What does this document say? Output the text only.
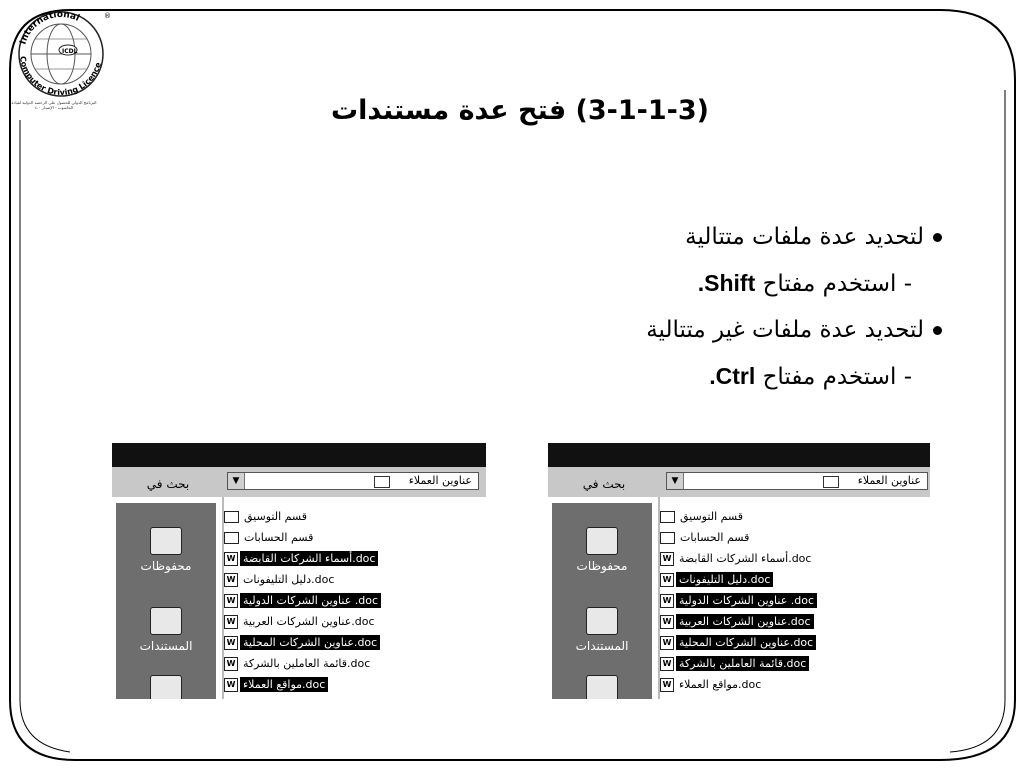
ICDL
International
Computer Driving Licence
®
البرنامج الدولي للحصول على الرخصة الدولية لقيادة الحاسوب - الإصدار ٤.٠	(3-1-1-3) فتح عدة مستندات
لتحديد عدة ملفات متتالية
- استخدم مفتاح .Shift
لتحديد عدة ملفات غير متتالية
- استخدم مفتاح .Ctrl
بحث في	▼	عناوين العملاء
محفوظات
المستندات
قسم التوسيق
قسم الحسابات
W doc.أسماء الشركات القابضة
W doc.دليل التليفونات
W doc. عناوين الشركات الدولية
W doc.عناوين الشركات العربية
W doc.عناوين الشركات المحلية
W doc.قائمة العاملين بالشركة
W doc.مواقع العملاء
بحث في	▼	عناوين العملاء
محفوظات
المستندات
قسم التوسيق
قسم الحسابات
W doc.أسماء الشركات القابضة
W doc.دليل التليفونات
W doc. عناوين الشركات الدولية
W doc.عناوين الشركات العربية
W doc.عناوين الشركات المحلية
W doc.قائمة العاملين بالشركة
W doc.مواقع العملاء
